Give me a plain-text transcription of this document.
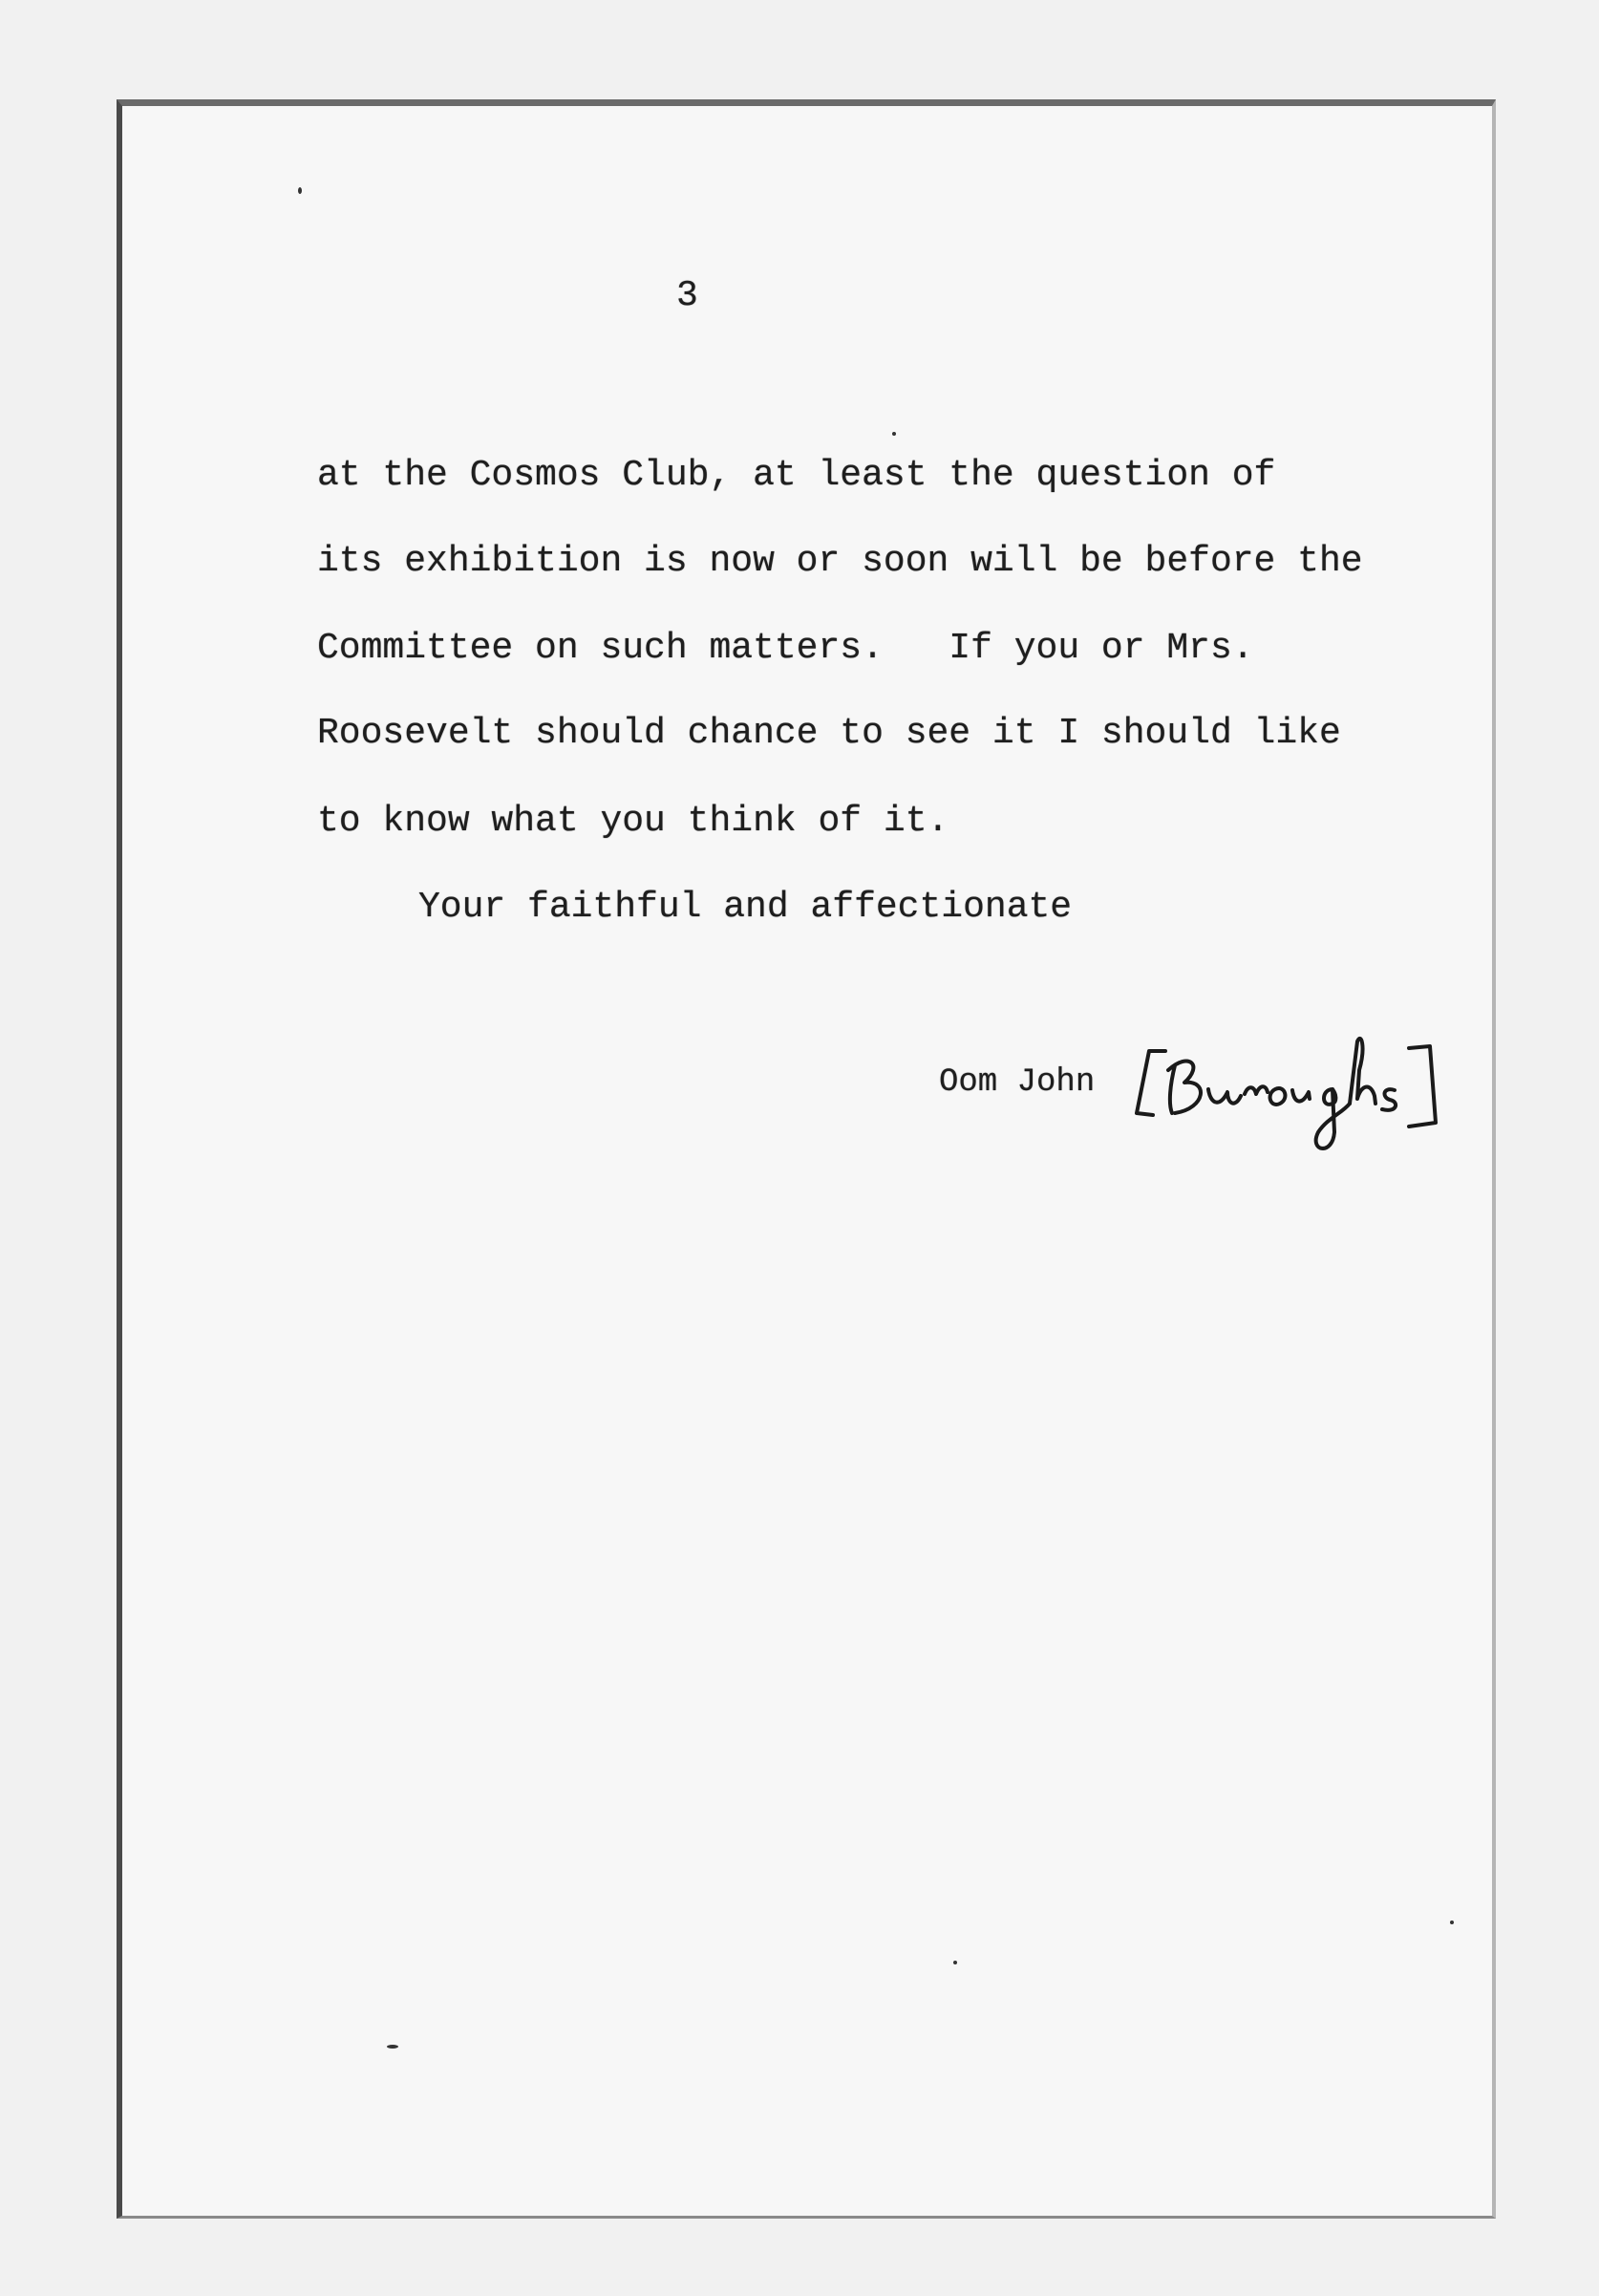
3
at the Cosmos Club, at least the question of
its exhibition is now or soon will be before the
Committee on such matters.   If you or Mrs.
Roosevelt should chance to see it I should like
to know what you think of it.
Your faithful and affectionate
Oom John
